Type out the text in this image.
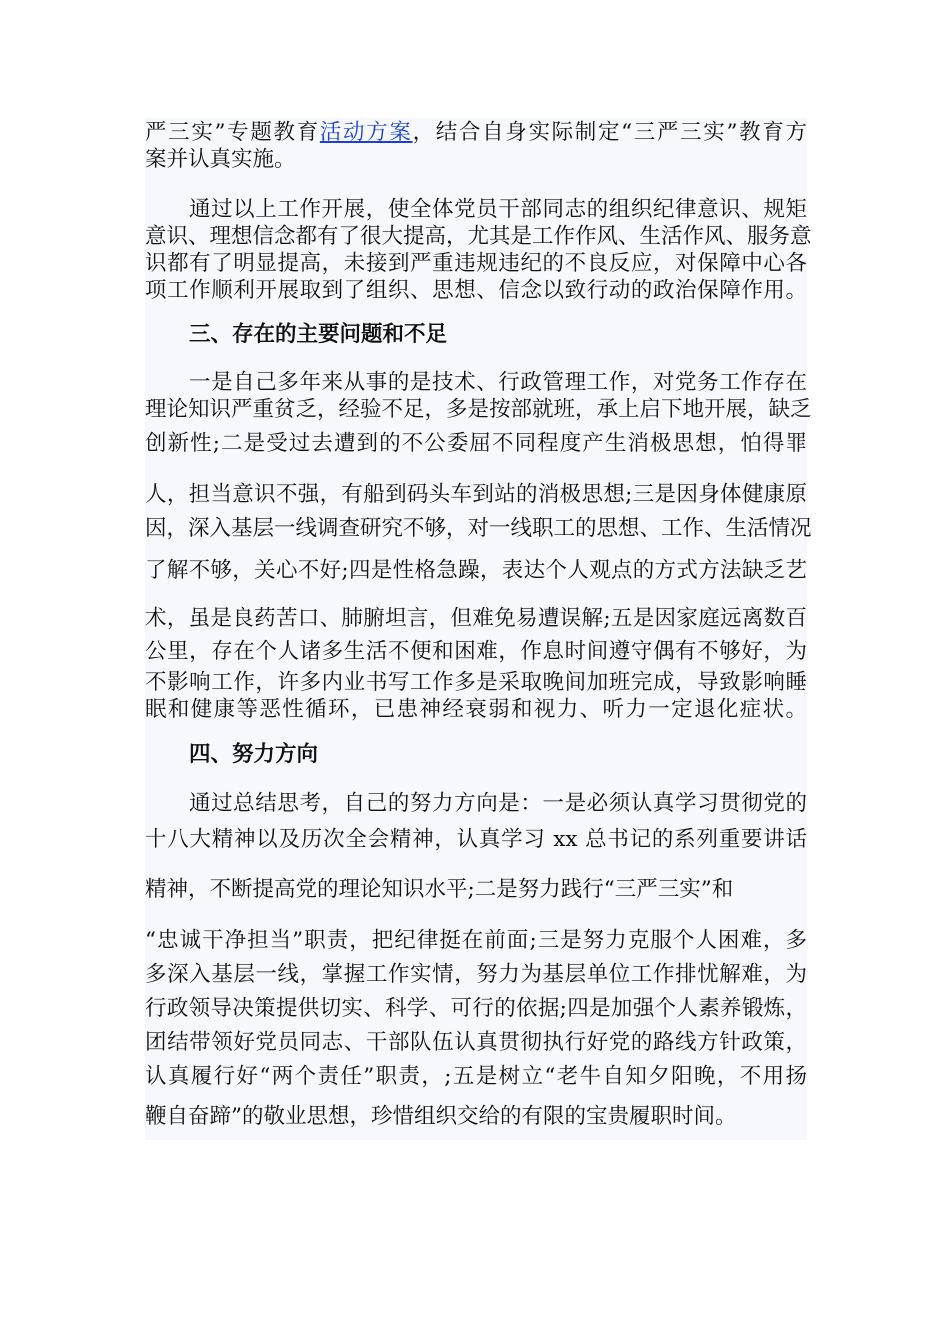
严三实”专题教育活动方案，结合自身实际制定“三严三实”教育方
案并认真实施。
通过以上工作开展，使全体党员干部同志的组织纪律意识、规矩
意识、理想信念都有了很大提高，尤其是工作作风、生活作风、服务意
识都有了明显提高，未接到严重违规违纪的不良反应，对保障中心各
项工作顺利开展取到了组织、思想、信念以致行动的政治保障作用。
三、存在的主要问题和不足
一是自己多年来从事的是技术、行政管理工作，对党务工作存在
理论知识严重贫乏，经验不足，多是按部就班，承上启下地开展，缺乏
创新性;二是受过去遭到的不公委屈不同程度产生消极思想，怕得罪
人，担当意识不强，有船到码头车到站的消极思想;三是因身体健康原
因，深入基层一线调查研究不够，对一线职工的思想、工作、生活情况
了解不够，关心不好;四是性格急躁，表达个人观点的方式方法缺乏艺
术，虽是良药苦口、肺腑坦言，但难免易遭误解;五是因家庭远离数百
公里，存在个人诸多生活不便和困难，作息时间遵守偶有不够好，为
不影响工作，许多内业书写工作多是采取晚间加班完成，导致影响睡
眠和健康等恶性循环，已患神经衰弱和视力、听力一定退化症状。
四、努力方向
通过总结思考，自己的努力方向是：一是必须认真学习贯彻党的
十八大精神以及历次全会精神，认真学习 xx 总书记的系列重要讲话
精神，不断提高党的理论知识水平;二是努力践行“三严三实”和
“忠诚干净担当”职责，把纪律挺在前面;三是努力克服个人困难，多
多深入基层一线，掌握工作实情，努力为基层单位工作排忧解难，为
行政领导决策提供切实、科学、可行的依据;四是加强个人素养锻炼，
团结带领好党员同志、干部队伍认真贯彻执行好党的路线方针政策，
认真履行好“两个责任”职责，;五是树立“老牛自知夕阳晚，不用扬
鞭自奋蹄”的敬业思想，珍惜组织交给的有限的宝贵履职时间。
